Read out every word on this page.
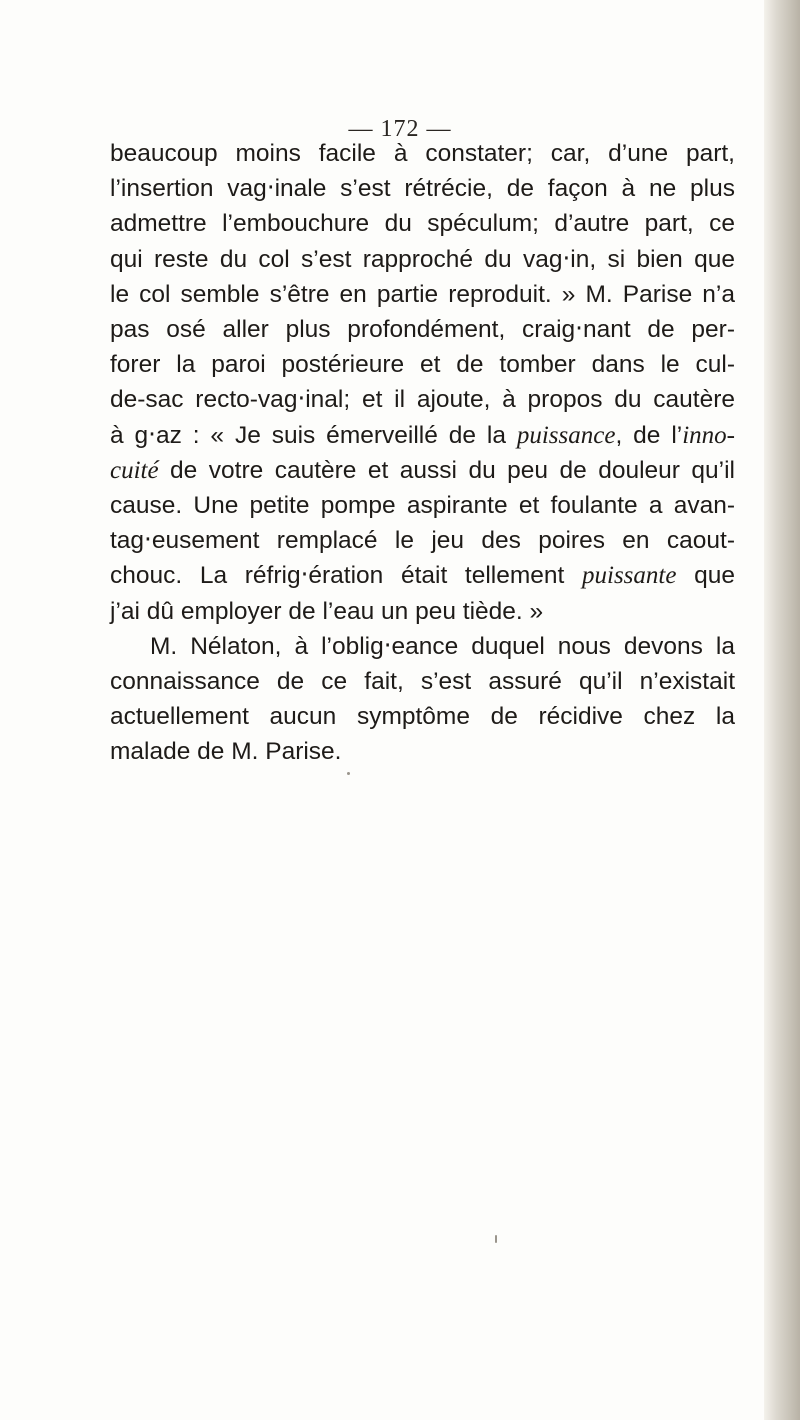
— 172 —
beaucoup moins facile à constater; car, d’une part,
l’insertion vag‧inale s’est rétrécie, de façon à ne plus
admettre l’embouchure du spéculum; d’autre part, ce
qui reste du col s’est rapproché du vag‧in, si bien que
le col semble s’être en partie reproduit. » M. Parise n’a
pas osé aller plus profondément, craig‧nant de per-
forer la paroi postérieure et de tomber dans le cul-
de-sac recto-vag‧inal; et il ajoute, à propos du cautère
à g‧az : « Je suis émerveillé de la puissance, de l’inno-
cuité de votre cautère et aussi du peu de douleur qu’il
cause. Une petite pompe aspirante et foulante a avan-
tag‧eusement remplacé le jeu des poires en caout-
chouc. La réfrig‧ération était tellement puissante que
j’ai dû employer de l’eau un peu tiède. »
M. Nélaton, à l’oblig‧eance duquel nous devons la
connaissance de ce fait, s’est assuré qu’il n’existait
actuellement aucun symptôme de récidive chez la
malade de M. Parise.
